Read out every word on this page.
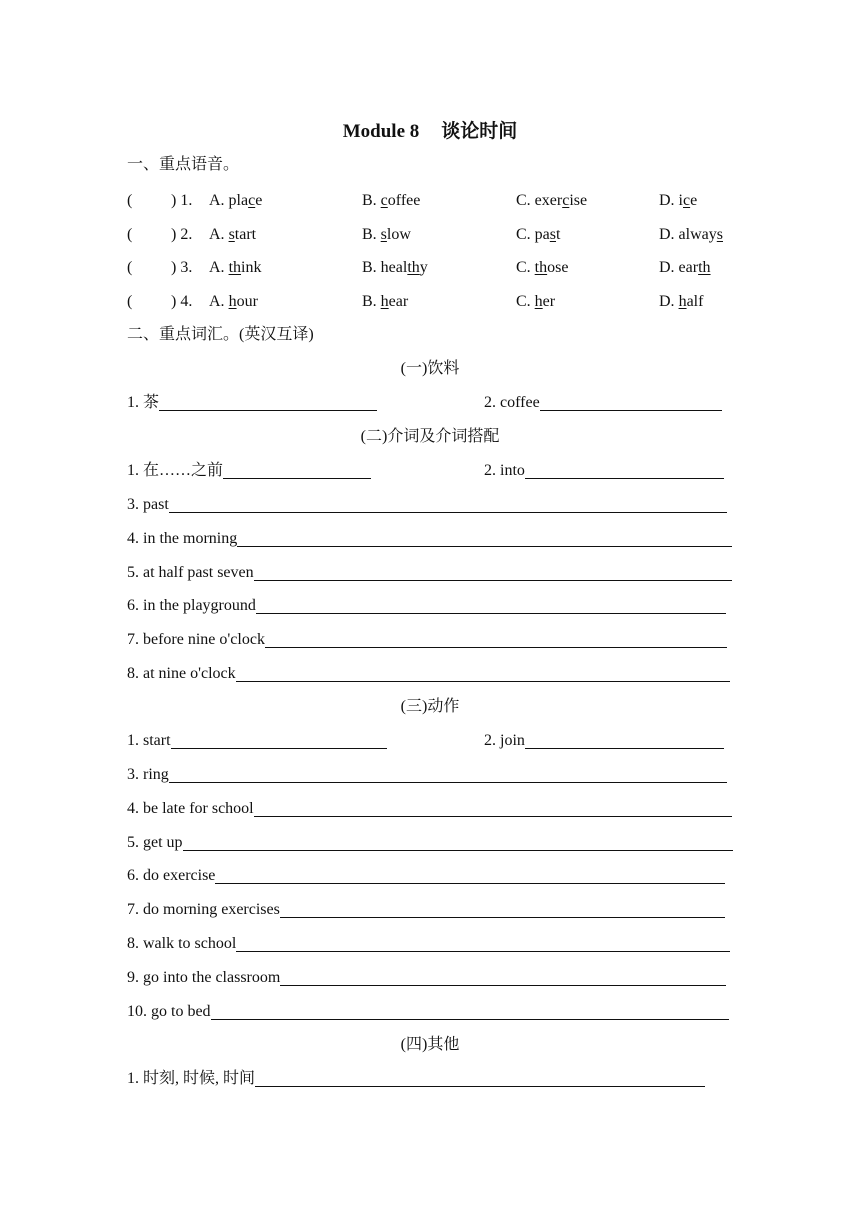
Module 8 谈论时间
一、重点语音。
( ) 1. A. place	B. coffee	C. exercise	D. ice
( ) 2. A. start	B. slow	C. past	D. always
( ) 3. A. think	B. healthy	C. those	D. earth
( ) 4. A. hour	B. hear	C. her	D. half
二、重点词汇。(英汉互译)
(一)饮料
1. 茶	2. coffee
(二)介词及介词搭配
1. 在……之前	2. into
3. past
4. in the morning
5. at half past seven
6. in the playground
7. before nine o'clock
8. at nine o'clock
(三)动作
1. start	2. join
3. ring
4. be late for school
5. get up
6. do exercise
7. do morning exercises
8. walk to school
9. go into the classroom
10. go to bed
(四)其他
1. 时刻, 时候, 时间
